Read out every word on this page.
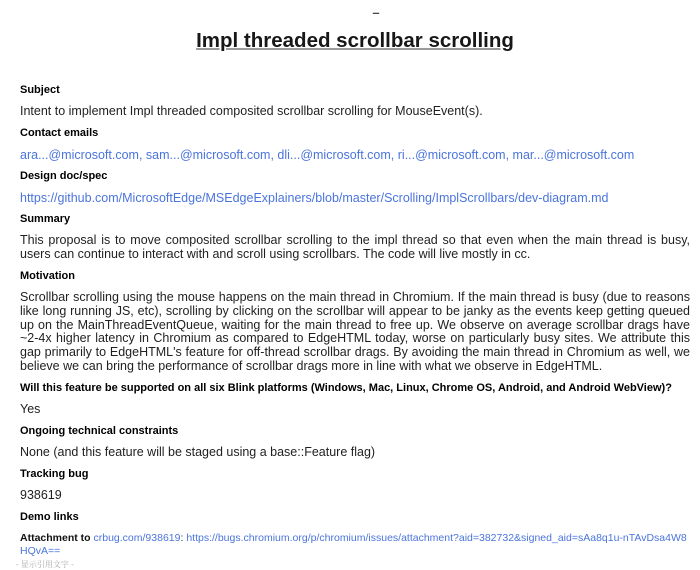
–
Impl threaded scrollbar scrolling
Subject

Intent to implement Impl threaded composited scrollbar scrolling for MouseEvent(s).

Contact emails
ara...@microsoft.com, sam...@microsoft.com, dli...@microsoft.com, ri...@microsoft.com, mar...@microsoft.com
Design doc/spec
https://github.com/MicrosoftEdge/MSEdgeExplainers/blob/master/Scrolling/ImplScrollbars/dev-diagram.md
Summary

This proposal is to move composited scrollbar scrolling to the impl thread so that even when the main thread is busy, users can continue to interact with and scroll using scrollbars. The code will live mostly in cc.

Motivation

Scrollbar scrolling using the mouse happens on the main thread in Chromium. If the main thread is busy (due to reasons like long running JS, etc), scrolling by clicking on the scrollbar will appear to be janky as the events keep getting queued up on the MainThreadEventQueue, waiting for the main thread to free up. We observe on average scrollbar drags have ~2-4x higher latency in Chromium as compared to EdgeHTML today, worse on particularly busy sites. We attribute this gap primarily to EdgeHTML's feature for off-thread scrollbar drags. By avoiding the main thread in Chromium as well, we believe we can bring the performance of scrollbar drags more in line with what we observe in EdgeHTML.

Will this feature be supported on all six Blink platforms (Windows, Mac, Linux, Chrome OS, Android, and Android WebView)?

Yes

Ongoing technical constraints

None (and this feature will be staged using a base::Feature flag)

Tracking bug

938619

Demo links
Attachment to crbug.com/938619: https://bugs.chromium.org/p/chromium/issues/attachment?aid=382732&signed_aid=sAa8q1u-nTAvDsa4W8HQvA==
- 显示引用文字 -
